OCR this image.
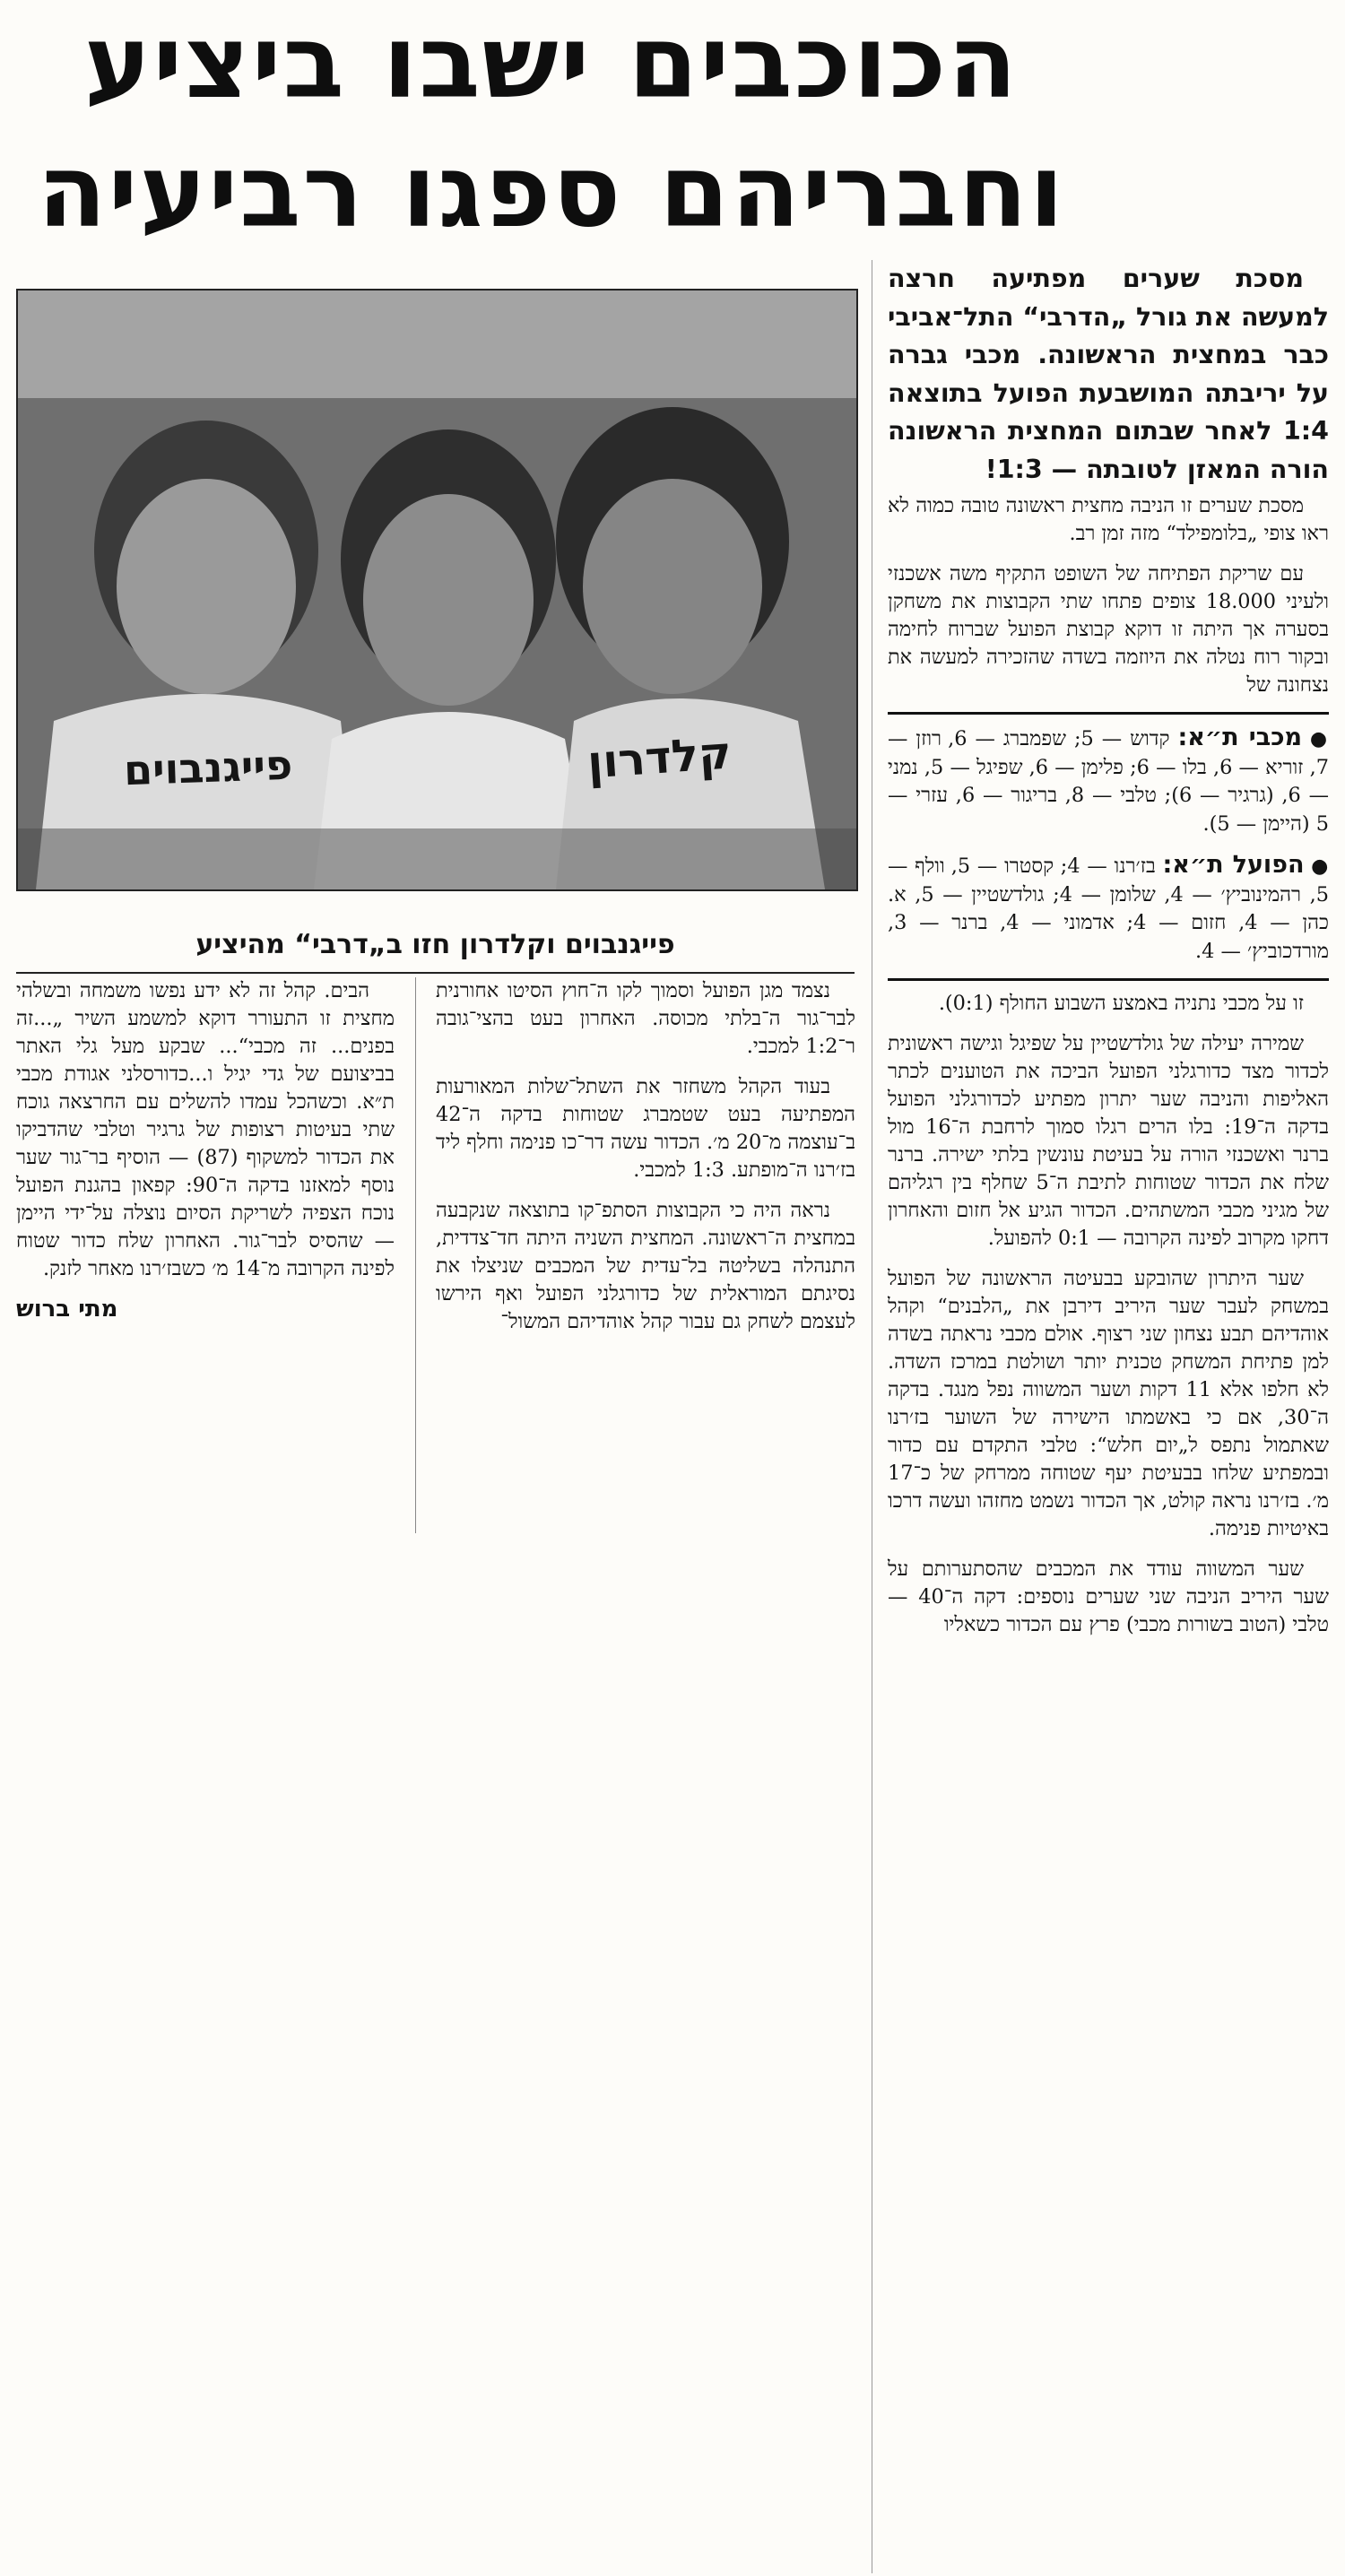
הכוכבים ישבו ביציע
וחבריהם ספגו רביעיה
פייגנבוים	קלדרון
פייגנבוים וקלדרון חזו ב„דרבי“ מהיציע

מסכת שערים מפתיעה חרצה למעשה את גורל „הדרבי“ התל־אביבי כבר במחצית הראשונה. מכבי גברה על יריבתה המושבעת הפועל בתוצאה 1:4 לאחר שבתום המחצית הראשונה הורה המאזן לטובתה — 1:3!

מסכת שערים זו הניבה מחצית ראשונה טובה כמוה לא ראו צופי „בלומפילד“ מזה זמן רב.

עם שריקת הפתיחה של השופט התקיף משה אשכנזי ולעיני 18.000 צופים פתחו שתי הקבוצות את משחקן בסערה אך היתה זו דוקא קבוצת הפועל שברוח לחימה ובקור רוח נטלה את היוזמה בשדה שהזכירה למעשה את נצחונה של

● מכבי ת״א: קדוש — 5; שפמברג — 6, רוזן — 7, זוריא — 6, בלו — 6; פלימן — 6, שפיגל — 5, נמני — 6, (גרגיר — 6); טלבי — 8, בריגור — 6, עזרי — 5 (היימן — 5).

● הפועל ת״א: בז׳רנו — 4; קסטרו — 5, וולף — 5, רהמינוביץ׳ — 4, שלומן — 4; גולדשטיין — 5, א. כהן — 4, חזום — 4; אדמוני — 4, ברנר — 3, מורדכוביץ׳ — 4.

זו על מכבי נתניה באמצע השבוע החולף (0:1).

שמירה יעילה של גולדשטיין על שפיגל וגישה ראשונית לכדור מצד כדורגלני הפועל הביכה את הטוענים לכתר האליפות והניבה שער יתרון מפתיע לכדורגלני הפועל בדקה ה־19: בלו הרים רגלו סמוך לרחבת ה־16 מול ברנר ואשכנזי הורה על בעיטת עונשין בלתי ישירה. ברנר שלח את הכדור שטוחות לתיבת ה־5 שחלף בין רגליהם של מגיני מכבי המשתהים. הכדור הגיע אל חזום והאחרון דחקו מקרוב לפינה הקרובה — 0:1 להפועל.

שער היתרון שהובקע בבעיטה הראשונה של הפועל במשחק לעבר שער היריב דירבן את „הלבנים“ וקהל אוהדיהם תבע נצחון שני רצוף. אולם מכבי נראתה בשדה למן פתיחת המשחק טכנית יותר ושולטת במרכז השדה. לא חלפו אלא 11 דקות ושער המשווה נפל מנגד. בדקה ה־30, אם כי באשמתו הישירה של השוער בז׳רנו שאתמול נתפס ל„יום חלש“: טלבי התקדם עם כדור ובמפתיע שלחו בבעיטת יעף שטוחה ממרחק של כ־17 מ׳. בז׳רנו נראה קולט, אך הכדור נשמט מחזהו ועשה דרכו באיטיות פנימה.

שער המשווה עודד את המכבים שהסתערותם על שער היריב הניבה שני שערים נוספים: דקה ה־40 — טלבי (הטוב בשורות מכבי) פרץ עם הכדור כשאליו

נצמד מגן הפועל וסמוך לקו ה־חוץ הסיטו אחורנית לבר־גור ה־בלתי מכוסה. האחרון בעט בהצי־גובה ר־1:2 למכבי.

בעוד הקהל משחזר את השתל־שלות המאורעות המפתיעה בעט שטמברג שטוחות בדקה ה־42 ב־עוצמה מ־20 מ׳. הכדור עשה דר־כו פנימה וחלף ליד בז׳רנו ה־מופתע. 1:3 למכבי.

נראה היה כי הקבוצות הסתפ־קו בתוצאה שנקבעה במחצית ה־ראשונה. המחצית השניה היתה חד־צדדית, התנהלה בשליטה בל־עדית של המכבים שניצלו את נסיגתם המוראלית של כדורגלני הפועל ואף הירשו לעצמם לשחק גם עבור קהל אוהדיהם המשול־

הבים. קהל זה לא ידע נפשו משמחה ובשלהי מחצית זו התעורר דוקא למשמע השיר „...זה בפנים... זה מכבי“... שבקע מעל גלי האתר בביצועם של גדי יגיל ו...כדורסלני אגודת מכבי ת״א. וכשהכל עמדו להשלים עם החרצאה גוכח שתי בעיטות רצופות של גרגיר וטלבי שהדביקו את הכדור למשקוף (87) — הוסיף בר־גור שער נוסף למאזנו בדקה ה־90: קפאון בהגנת הפועל נוכח הצפיה לשריקת הסיום נוצלה על־ידי היימן — שהסיס לבר־גור. האחרון שלח כדור שטוח לפינה הקרובה מ־14 מ׳ כשבז׳רנו מאחר לזנק.

מתי ברוש
